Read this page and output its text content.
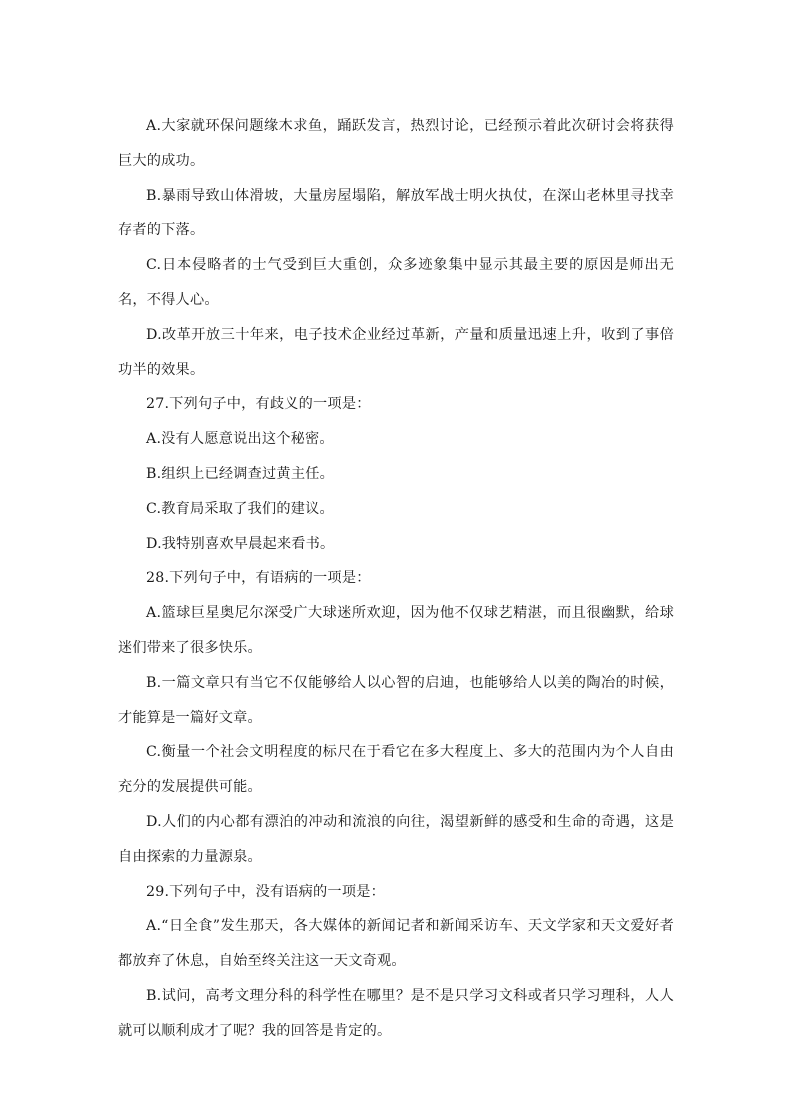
A.大家就环保问题缘木求鱼，踊跃发言，热烈讨论，已经预示着此次研讨会将获得巨大的成功。

B.暴雨导致山体滑坡，大量房屋塌陷，解放军战士明火执仗，在深山老林里寻找幸存者的下落。

C.日本侵略者的士气受到巨大重创，众多迹象集中显示其最主要的原因是师出无名，不得人心。

D.改革开放三十年来，电子技术企业经过革新，产量和质量迅速上升，收到了事倍功半的效果。

27.下列句子中，有歧义的一项是：

A.没有人愿意说出这个秘密。

B.组织上已经调查过黄主任。

C.教育局采取了我们的建议。

D.我特别喜欢早晨起来看书。

28.下列句子中，有语病的一项是：

A.篮球巨星奥尼尔深受广大球迷所欢迎，因为他不仅球艺精湛，而且很幽默，给球迷们带来了很多快乐。

B.一篇文章只有当它不仅能够给人以心智的启迪，也能够给人以美的陶冶的时候，才能算是一篇好文章。

C.衡量一个社会文明程度的标尺在于看它在多大程度上、多大的范围内为个人自由充分的发展提供可能。

D.人们的内心都有漂泊的冲动和流浪的向往，渴望新鲜的感受和生命的奇遇，这是自由探索的力量源泉。

29.下列句子中，没有语病的一项是：

A.“日全食”发生那天，各大媒体的新闻记者和新闻采访车、天文学家和天文爱好者都放弃了休息，自始至终关注这一天文奇观。

B.试问，高考文理分科的科学性在哪里？是不是只学习文科或者只学习理科，人人就可以顺利成才了呢？我的回答是肯定的。
